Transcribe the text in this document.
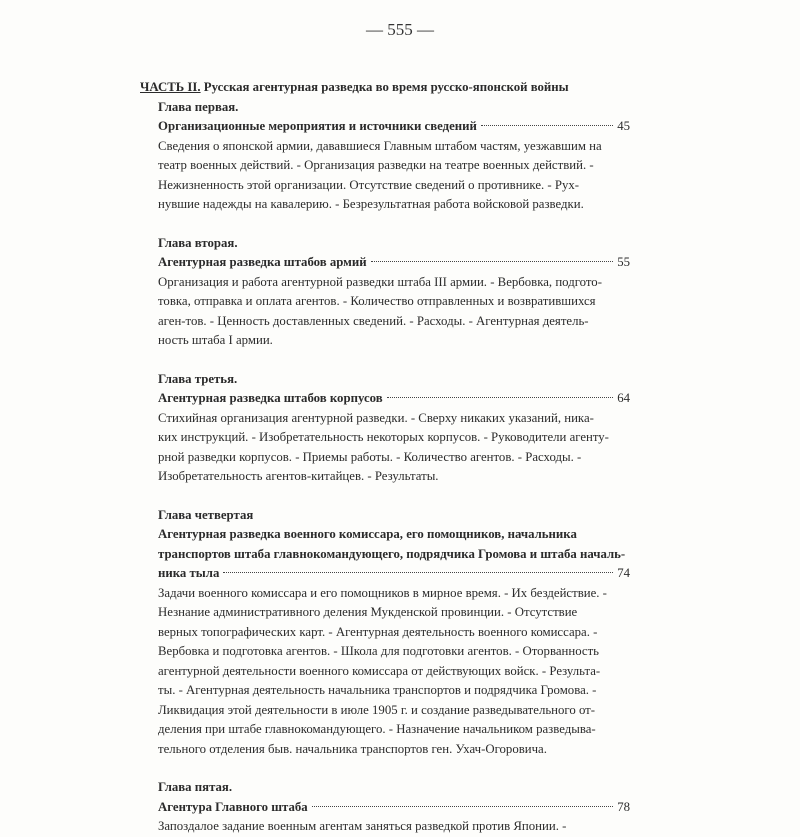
— 555 —
ЧАСТЬ II. Русская агентурная разведка во время русско-японской войны
Глава первая.
Организационные мероприятия и источники сведений	45
Сведения о японской армии, дававшиеся Главным штабом частям, уезжавшим на
театр военных действий. - Организация разведки на театре военных действий. -
Нежизненность этой организации. Отсутствие сведений о противнике. - Рух-
нувшие надежды на кавалерию. - Безрезультатная работа войсковой разведки.
Глава вторая.
Агентурная разведка штабов армий	55
Организация и работа агентурной разведки штаба III армии. - Вербовка, подгото-
товка, отправка и оплата агентов. - Количество отправленных и возвратившихся
аген-тов. - Ценность доставленных сведений. - Расходы. - Агентурная деятель-
ность штаба I армии.
Глава третья.
Агентурная разведка штабов корпусов	64
Стихийная организация агентурной разведки. - Сверху никаких указаний, ника-
ких инструкций. - Изобретательность некоторых корпусов. - Руководители агенту-
рной разведки корпусов. - Приемы работы. - Количество агентов. - Расходы. -
Изобретательность агентов-китайцев. - Результаты.
Глава четвертая
Агентурная разведка военного комиссара, его помощников, начальника
транспортов штаба главнокомандующего, подрядчика Громова и штаба началь-
ника тыла	74
Задачи военного комиссара и его помощников в мирное время. - Их бездействие. -
Незнание административного деления Мукденской провинции. - Отсутствие
верных топографических карт. - Агентурная деятельность военного комиссара. -
Вербовка и подготовка агентов. - Школа для подготовки агентов. - Оторванность
агентурной деятельности военного комиссара от действующих войск. - Результа-
ты. - Агентурная деятельность начальника транспортов и подрядчика Громова. -
Ликвидация этой деятельности в июле 1905 г. и создание разведывательного от-
деления при штабе главнокомандующего. - Назначение начальником разведыва-
тельного отделения быв. начальника транспортов ген. Ухач-Огоровича.
Глава пятая.
Агентура Главного штаба	78
Запоздалое задание военным агентам заняться разведкой против Японии. -
